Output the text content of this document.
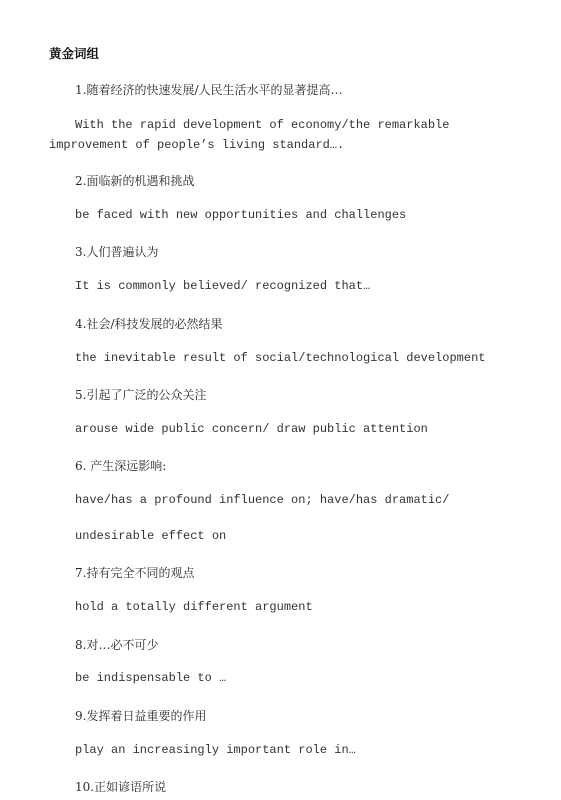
黄金词组
1.随着经济的快速发展/人民生活水平的显著提高…
With the rapid development of economy/the remarkable improvement of people’s living standard….
2.面临新的机遇和挑战
be faced with new opportunities and challenges
3.人们普遍认为
It is commonly believed/ recognized that…
4.社会/科技发展的必然结果
the inevitable result of social/technological development
5.引起了广泛的公众关注
arouse wide public concern/ draw public attention
6. 产生深远影响:
have/has a profound influence on; have/has dramatic/
undesirable effect on
7.持有完全不同的观点
hold a totally different argument
8.对…必不可少
be indispensable to …
9.发挥着日益重要的作用
play an increasingly important role in…
10.正如谚语所说
